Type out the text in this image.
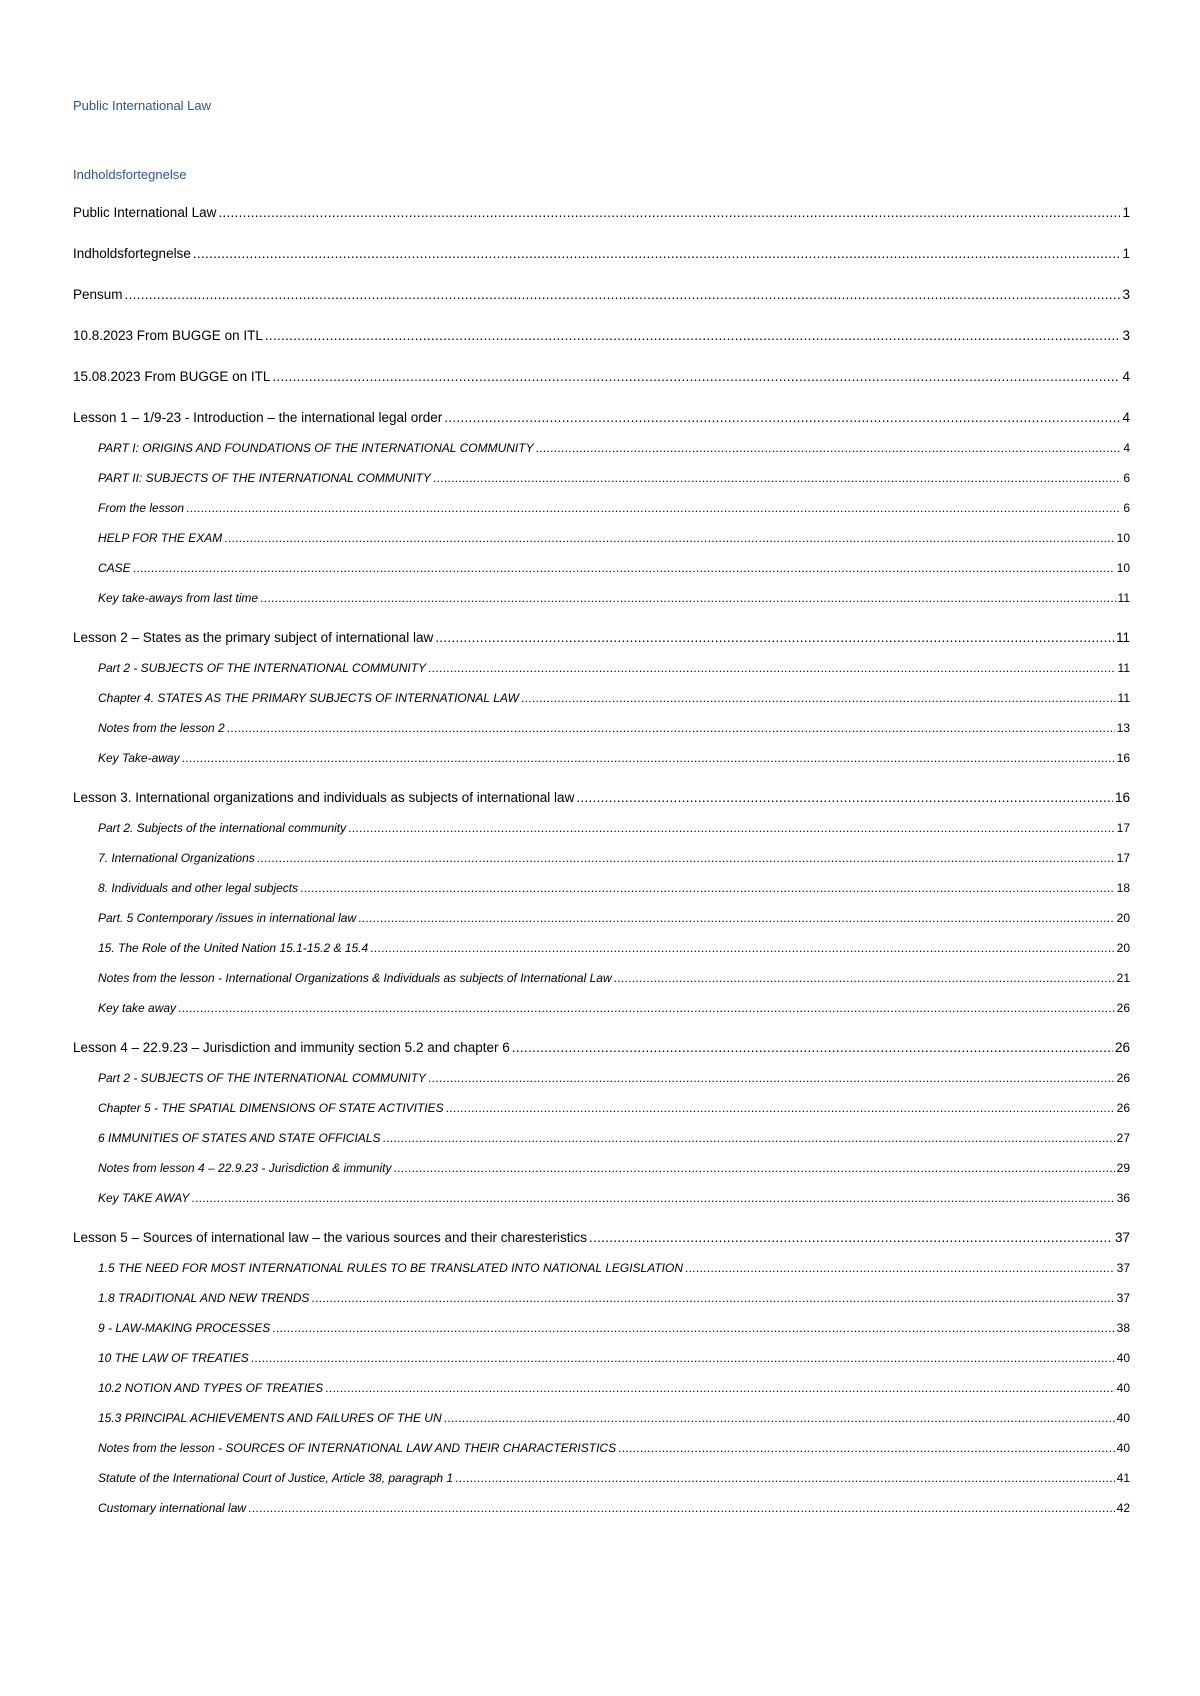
Public International Law
Indholdsfortegnelse
Public International Law .....	1
Indholdsfortegnelse .....	1
Pensum .....	3
10.8.2023 From BUGGE on ITL .....	3
15.08.2023 From BUGGE on ITL .....	4
Lesson 1 – 1/9-23 - Introduction – the international legal order .....	4
PART I: ORIGINS AND FOUNDATIONS OF THE INTERNATIONAL COMMUNITY .....	4
PART II: SUBJECTS OF THE INTERNATIONAL COMMUNITY .....	6
From the lesson .....	6
HELP FOR THE EXAM .....	10
CASE .....	10
Key take-aways from last time .....	11
Lesson 2 – States as the primary subject of international law .....	11
Part 2 - SUBJECTS OF THE INTERNATIONAL COMMUNITY .....	11
Chapter 4. STATES AS THE PRIMARY SUBJECTS OF INTERNATIONAL LAW .....	11
Notes from the lesson 2 .....	13
Key Take-away .....	16
Lesson 3. International organizations and individuals as subjects of international law .....	16
Part 2. Subjects of the international community .....	17
7. International Organizations .....	17
8. Individuals and other legal subjects .....	18
Part. 5 Contemporary /issues in international law .....	20
15. The Role of the United Nation 15.1-15.2 & 15.4 .....	20
Notes from the lesson - International Organizations & Individuals as subjects of International Law .....	21
Key take away .....	26
Lesson 4 – 22.9.23 – Jurisdiction and immunity section 5.2 and chapter 6 .....	26
Part 2 - SUBJECTS OF THE INTERNATIONAL COMMUNITY .....	26
Chapter 5 - THE SPATIAL DIMENSIONS OF STATE ACTIVITIES .....	26
6 IMMUNITIES OF STATES AND STATE OFFICIALS .....	27
Notes from lesson 4 – 22.9.23 - Jurisdiction & immunity .....	29
Key TAKE AWAY .....	36
Lesson 5 – Sources of international law – the various sources and their charesteristics .....	37
1.5 THE NEED FOR MOST INTERNATIONAL RULES TO BE TRANSLATED INTO NATIONAL LEGISLATION .....	37
1.8 TRADITIONAL AND NEW TRENDS .....	37
9 - LAW-MAKING PROCESSES .....	38
10 THE LAW OF TREATIES .....	40
10.2 NOTION AND TYPES OF TREATIES .....	40
15.3 PRINCIPAL ACHIEVEMENTS AND FAILURES OF THE UN .....	40
Notes from the lesson - SOURCES OF INTERNATIONAL LAW AND THEIR CHARACTERISTICS .....	40
Statute of the International Court of Justice, Article 38, paragraph 1 .....	41
Customary international law .....	42
